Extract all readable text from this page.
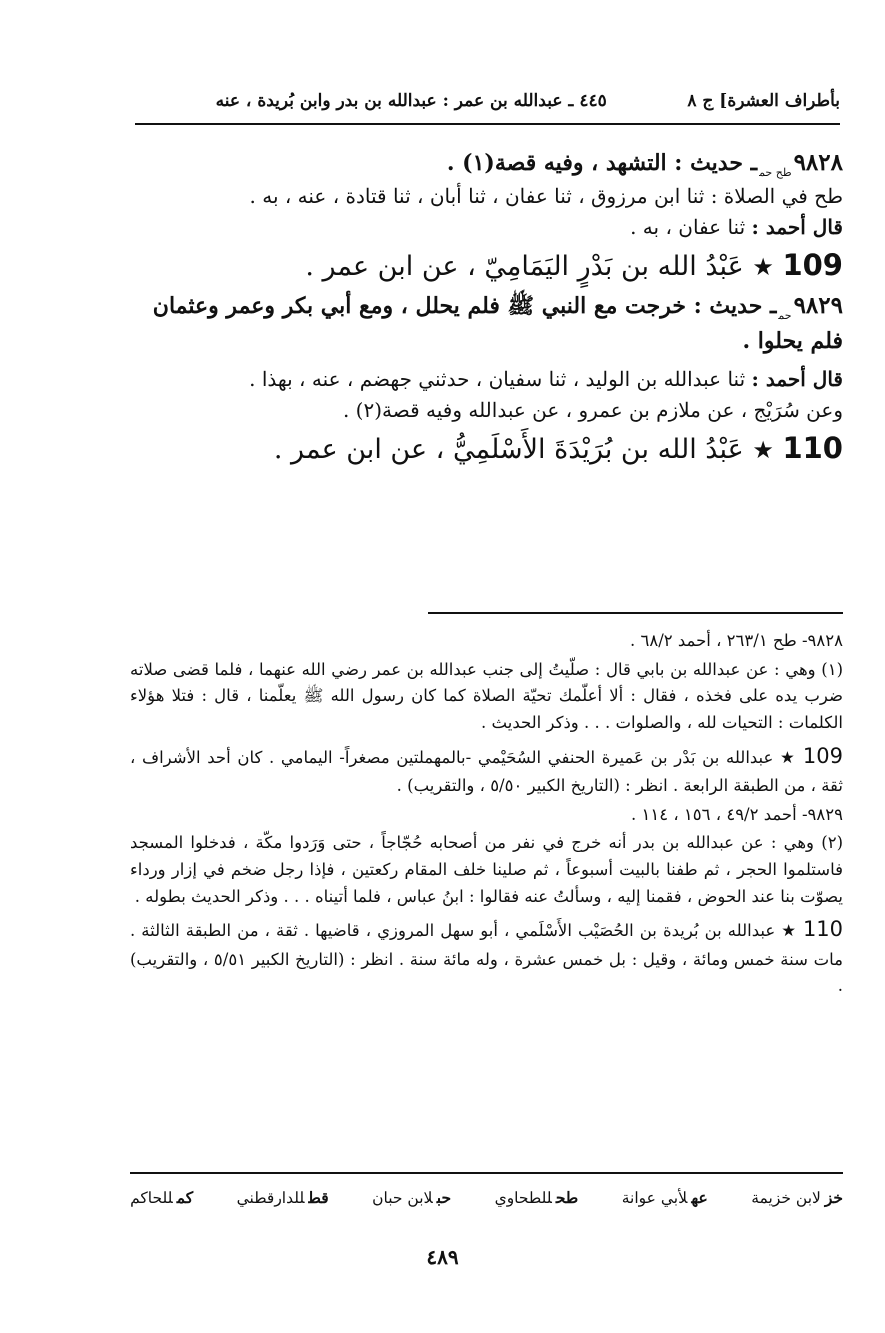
بأطراف العشرة] ج ٨
٤٤٥ ـ عبدالله بن عمر : عبدالله بن بدر وابن بُريدة ، عنه

$٩٨٢٨_{طح حم}ـ$ حديث : التشهد ، وفيه قصة(١) .

طح في الصلاة : ثنا ابن مرزوق ، ثنا عفان ، ثنا أبان ، ثنا قتادة ، عنه ، به .

قال أحمد : ثنا عفان ، به .

109 ★ عَبْدُ الله بن بَدْرٍ اليَمَامِيّ ، عن ابن عمر .

$٩٨٢٩_{حم}ـ$ حديث : خرجت مع النبي ﷺ فلم يحلل ، ومع أبي بكر وعمر وعثمان فلم يحلوا .

قال أحمد : ثنا عبدالله بن الوليد ، ثنا سفيان ، حدثني جهضم ، عنه ، بهذا .

وعن سُرَيْج ، عن ملازم بن عمرو ، عن عبدالله وفيه قصة(٢) .

110 ★ عَبْدُ الله بن بُرَيْدَةَ الأَسْلَمِيُّ ، عن ابن عمر .

٩٨٢٨- طح ٢٦٣/١ ، أحمد ٦٨/٢ .

(١) وهي : عن عبدالله بن بابي قال : صلّيتُ إلى جنب عبدالله بن عمر رضي الله عنهما ، فلما قضى صلاته ضرب يده على فخذه ، فقال : ألا أعلّمك تحيّة الصلاة كما كان رسول الله ﷺ يعلّمنا ، قال : فتلا هؤلاء الكلمات : التحيات لله ، والصلوات . . . وذكر الحديث .

109 ★ عبدالله بن بَدْر بن عَميرة الحنفي السُحَيْمي -بالمهملتين مصغراً- اليمامي . كان أحد الأشراف ، ثقة ، من الطبقة الرابعة . انظر : (التاريخ الكبير ٥/٥٠ ، والتقريب) .

٩٨٢٩- أحمد ٤٩/٢ ، ١٥٦ ، ١١٤ .

(٢) وهي : عن عبدالله بن بدر أنه خرج في نفر من أصحابه حُجّاجاً ، حتى وَرَدوا مكّة ، فدخلوا المسجد فاستلموا الحجر ، ثم طفنا بالبيت أسبوعاً ، ثم صلينا خلف المقام ركعتين ، فإذا رجل ضخم في إزار ورداء يصوّت بنا عند الحوض ، فقمنا إليه ، وسألتُ عنه فقالوا : ابنُ عباس ، فلما أتيناه . . . وذكر الحديث بطوله .

110 ★ عبدالله بن بُريدة بن الحُصَيْب الأَسْلَمي ، أبو سهل المروزي ، قاضيها . ثقة ، من الطبقة الثالثة . مات سنة خمس ومائة ، وقيل : بل خمس عشرة ، وله مائة سنة . انظر : (التاريخ الكبير ٥/٥١ ، والتقريب) .

خزلابن خزيمة
عهلأبي عوانة
طحللطحاوي
حبلابن حبان
قطللدارقطني
كمللحاكم
٤٨٩
